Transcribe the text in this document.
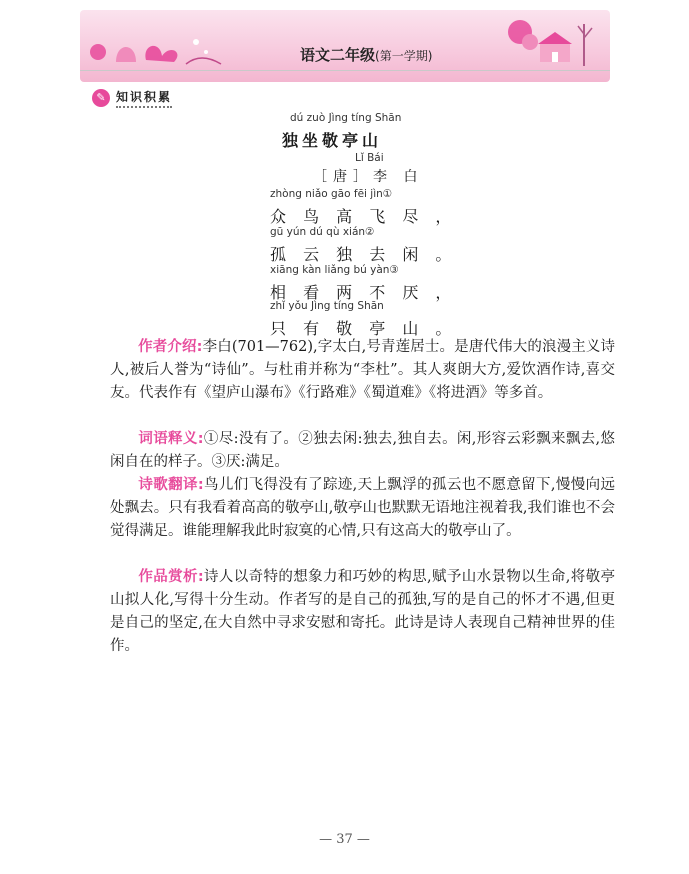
语文二年级(第一学期)
✎ 知识积累
dú zuò Jìng tíng Shān
独坐敬亭山
Lǐ Bái
［唐］李 白
zhòng niǎo gāo fēi jìn①
众 鸟 高 飞 尽 ，
gū yún dú qù xián②
孤 云 独 去 闲 。
xiāng kàn liǎng bú yàn③
相 看 两 不 厌 ，
zhǐ yǒu Jìng tíng Shān
只 有 敬 亭 山 。
作者介绍:李白(701—762),字太白,号青莲居士。是唐代伟大的浪漫主义诗人,被后人誉为“诗仙”。与杜甫并称为“李杜”。其人爽朗大方,爱饮酒作诗,喜交友。代表作有《望庐山瀑布》《行路难》《蜀道难》《将进酒》等多首。
词语释义:①尽:没有了。②独去闲:独去,独自去。闲,形容云彩飘来飘去,悠闲自在的样子。③厌:满足。
诗歌翻译:鸟儿们飞得没有了踪迹,天上飘浮的孤云也不愿意留下,慢慢向远处飘去。只有我看着高高的敬亭山,敬亭山也默默无语地注视着我,我们谁也不会觉得满足。谁能理解我此时寂寞的心情,只有这高大的敬亭山了。
作品赏析:诗人以奇特的想象力和巧妙的构思,赋予山水景物以生命,将敬亭山拟人化,写得十分生动。作者写的是自己的孤独,写的是自己的怀才不遇,但更是自己的坚定,在大自然中寻求安慰和寄托。此诗是诗人表现自己精神世界的佳作。
— 37 —
